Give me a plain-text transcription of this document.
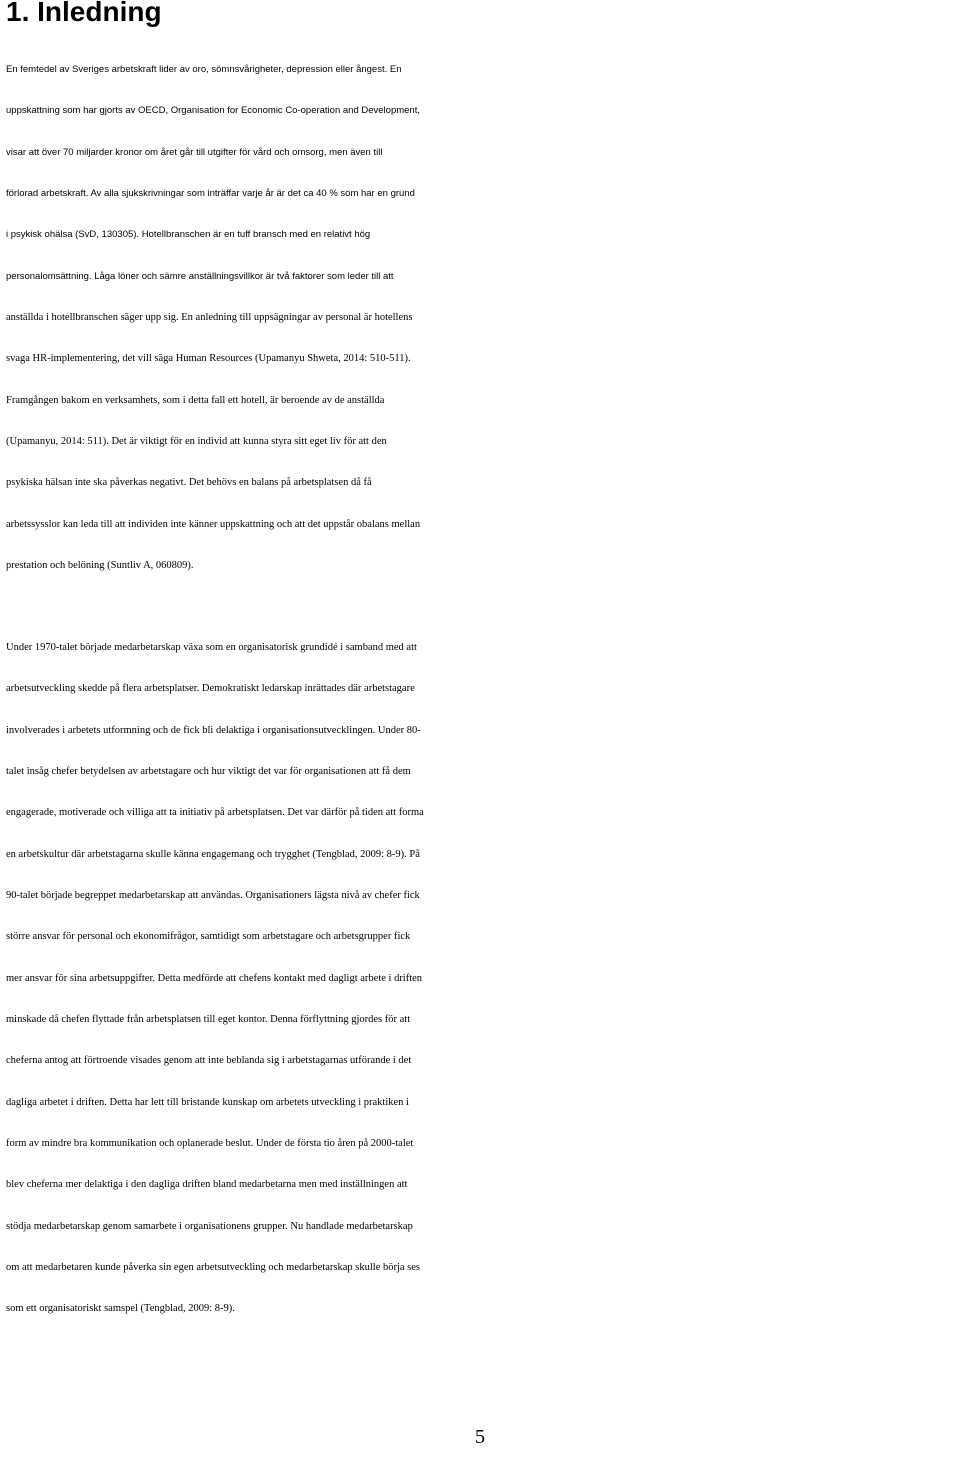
1. Inledning
En femtedel av Sveriges arbetskraft lider av oro, sömnsvårigheter, depression eller ångest. En
uppskattning som har gjorts av OECD, Organisation for Economic Co-operation and Development,
visar att över 70 miljarder kronor om året går till utgifter för vård och omsorg, men även till
förlorad arbetskraft. Av alla sjukskrivningar som inträffar varje år är det ca 40 % som har en grund
i psykisk ohälsa (SvD, 130305). Hotellbranschen är en tuff bransch med en relativt hög
personalomsättning. Låga löner och sämre anställningsvillkor är två faktorer som leder till att
anställda i hotellbranschen säger upp sig. En anledning till uppsägningar av personal är hotellens
svaga HR-implementering, det vill säga Human Resources (Upamanyu Shweta, 2014: 510-511).
Framgången bakom en verksamhets, som i detta fall ett hotell, är beroende av de anställda
(Upamanyu, 2014: 511). Det är viktigt för en individ att kunna styra sitt eget liv för att den
psykiska hälsan inte ska påverkas negativt. Det behövs en balans på arbetsplatsen då få
arbetssysslor kan leda till att individen inte känner uppskattning och att det uppstår obalans mellan
prestation och belöning (Suntliv A, 060809).
Under 1970-talet började medarbetarskap växa som en organisatorisk grundidé i samband med att
arbetsutveckling skedde på flera arbetsplatser. Demokratiskt ledarskap inrättades där arbetstagare
involverades i arbetets utformning och de fick bli delaktiga i organisationsutvecklingen. Under 80-
talet insåg chefer betydelsen av arbetstagare och hur viktigt det var för organisationen att få dem
engagerade, motiverade och villiga att ta initiativ på arbetsplatsen. Det var därför på tiden att forma
en arbetskultur där arbetstagarna skulle känna engagemang och trygghet (Tengblad, 2009: 8-9). På
90-talet började begreppet medarbetarskap att användas. Organisationers lägsta nivå av chefer fick
större ansvar för personal och ekonomifrågor, samtidigt som arbetstagare och arbetsgrupper fick
mer ansvar för sina arbetsuppgifter. Detta medförde att chefens kontakt med dagligt arbete i driften
minskade då chefen flyttade från arbetsplatsen till eget kontor. Denna förflyttning gjordes för att
cheferna antog att förtroende visades genom att inte beblanda sig i arbetstagarnas utförande i det
dagliga arbetet i driften. Detta har lett till bristande kunskap om arbetets utveckling i praktiken i
form av mindre bra kommunikation och oplanerade beslut. Under de första tio åren på 2000-talet
blev cheferna mer delaktiga i den dagliga driften bland medarbetarna men med inställningen att
stödja medarbetarskap genom samarbete i organisationens grupper. Nu handlade medarbetarskap
om att medarbetaren kunde påverka sin egen arbetsutveckling och medarbetarskap skulle börja ses
som ett organisatoriskt samspel (Tengblad, 2009: 8-9).
5
